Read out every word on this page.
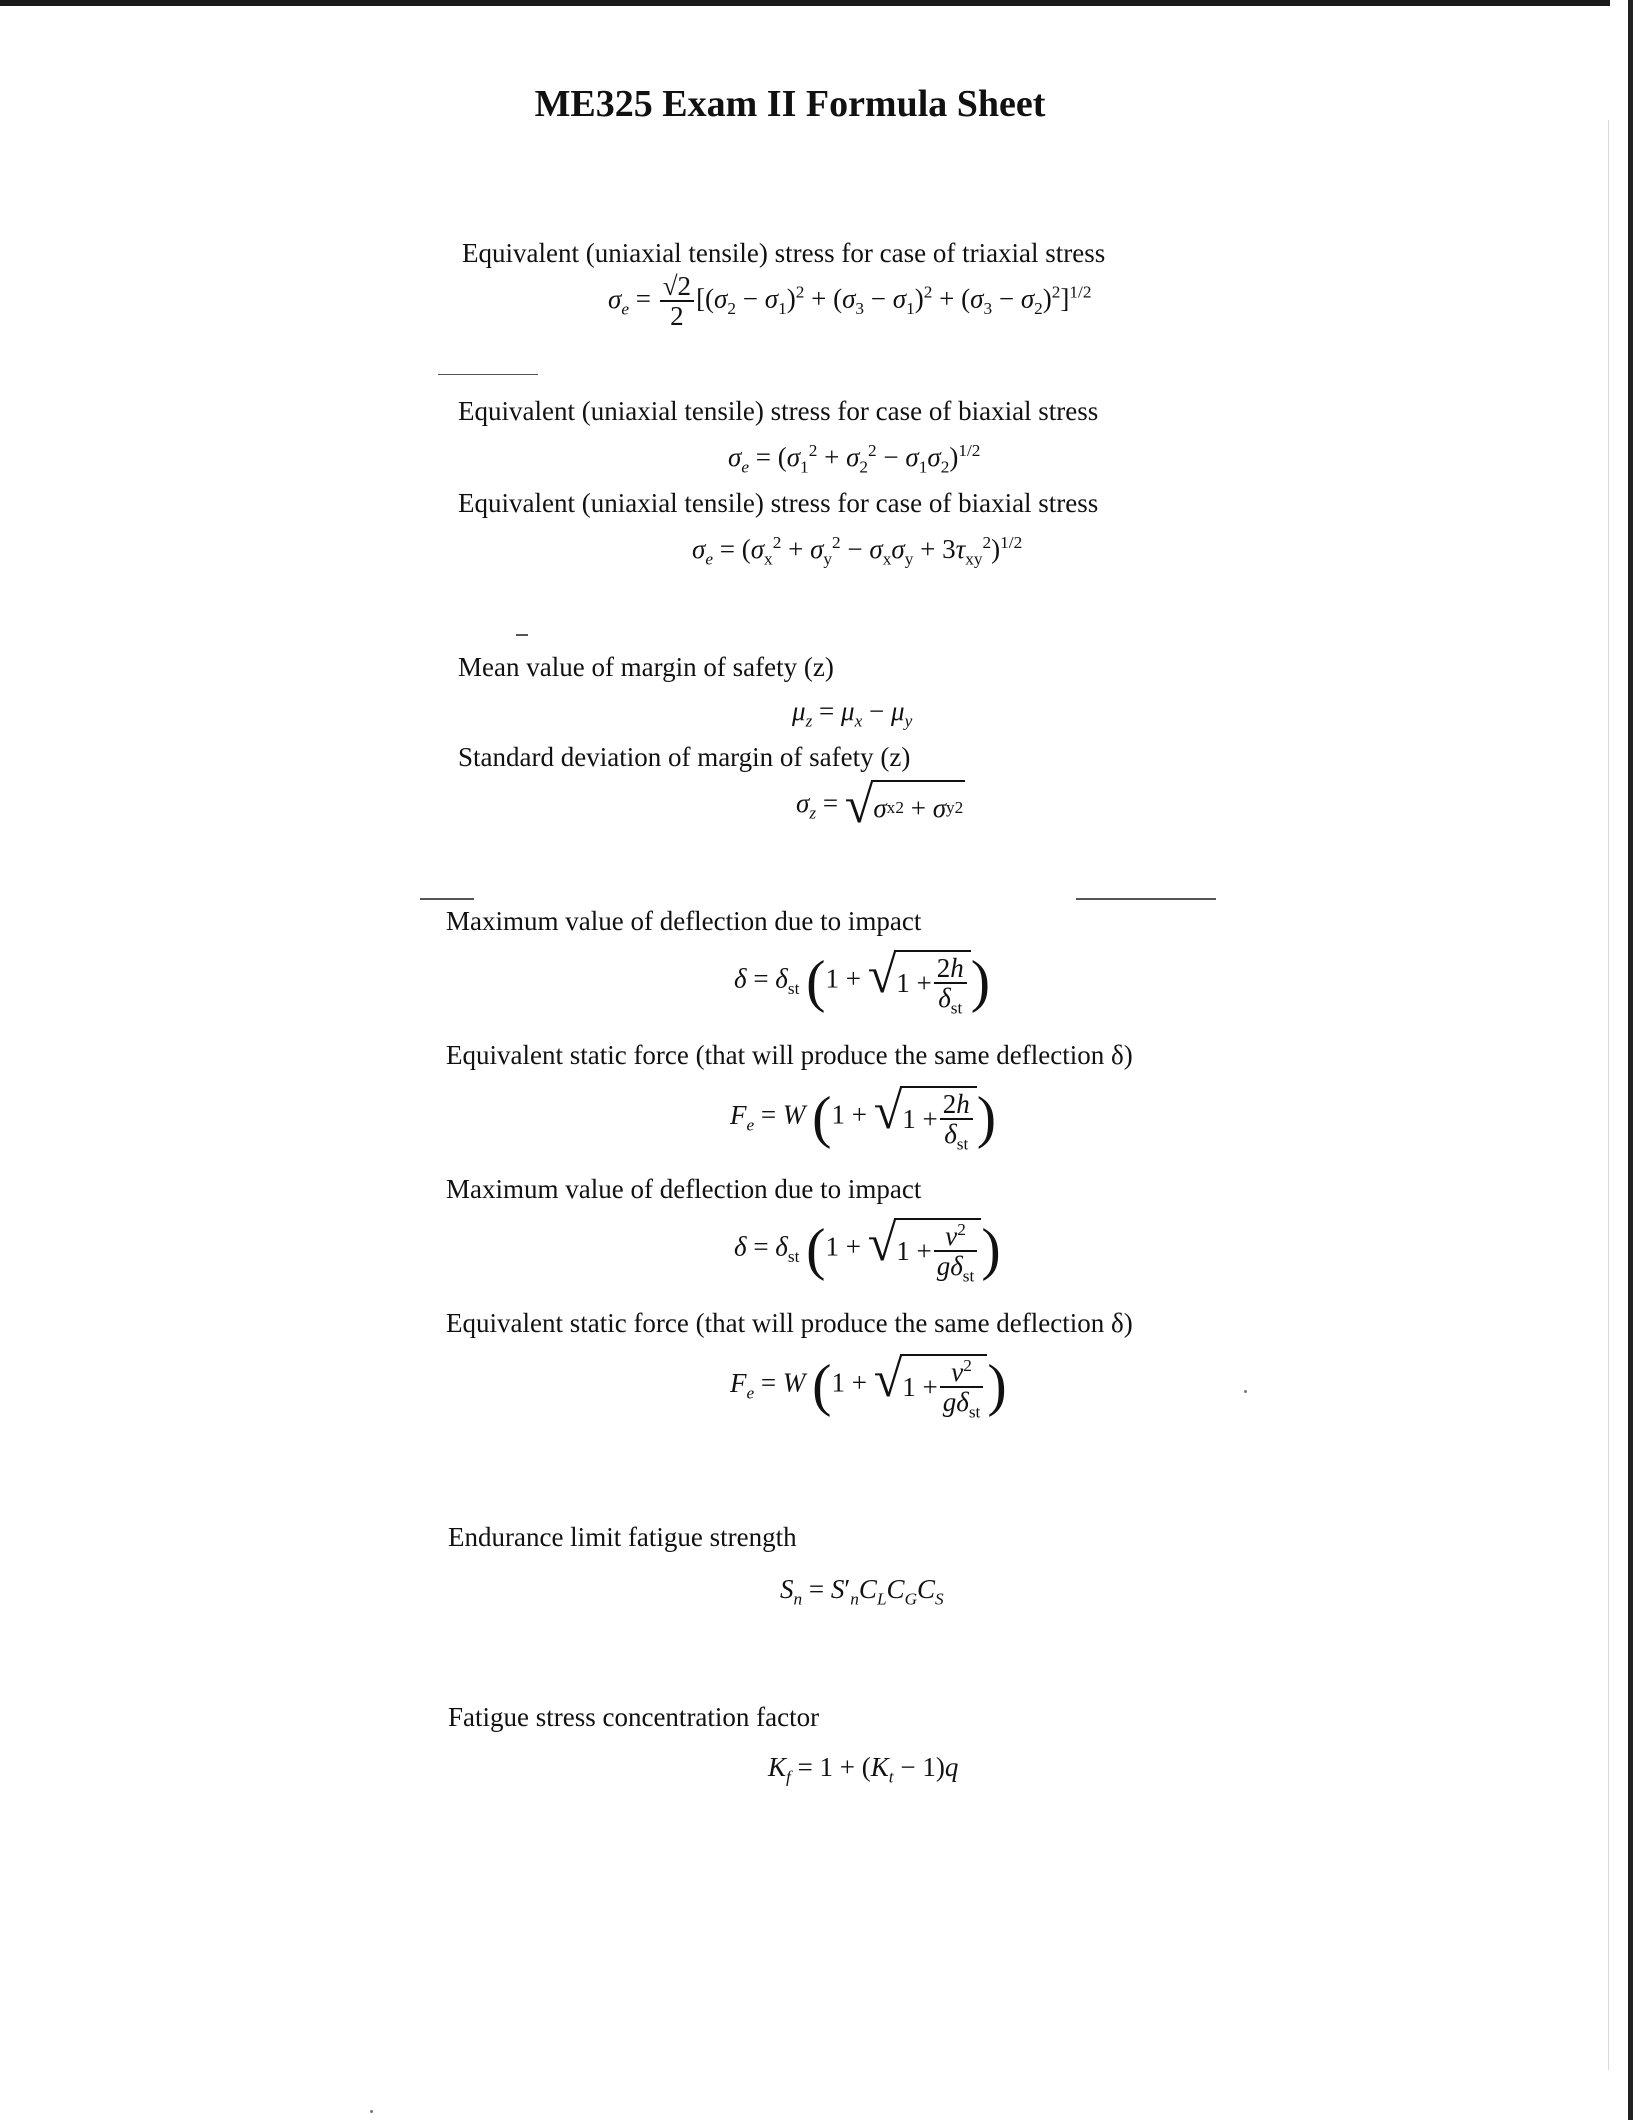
ME325 Exam II Formula Sheet
Equivalent (uniaxial tensile) stress for case of triaxial stress
$\sigma_e = \frac{√2}{2} [(\sigma_2 - \sigma_1)^2 + (\sigma_3 - \sigma_1)^2 + (\sigma_3 - \sigma_2)^2]^{1/2}$
Equivalent (uniaxial tensile) stress for case of biaxial stress
$\sigma_e = (\sigma_1^2 + \sigma_2^2 - \sigma_1\sigma_2)^{1/2}$
Equivalent (uniaxial tensile) stress for case of biaxial stress
$\sigma_e = (\sigma_x^2 + \sigma_y^2 - \sigma_x\sigma_y + 3\tau_{xy}^2)^{1/2}$
Mean value of margin of safety (z)
$\mu_z = \mu_x - \mu_y$
Standard deviation of margin of safety (z)
$\sigma_z$ = √ σ x 2 + σ y 2
Maximum value of deflection due to impact
$\delta = \delta_{st}$ (1 + √ $1 + \frac{2h}{\delta_{st}}$ )
Equivalent static force (that will produce the same deflection δ)
$F_e = W$ (1 + √ $1 + \frac{2h}{\delta_{st}}$ )
Maximum value of deflection due to impact
$\delta = \delta_{st}$ (1 + √ $1 + \frac{v^2}{g\delta_{st}}$ )
Equivalent static force (that will produce the same deflection δ)
$F_e = W$ (1 + √ $1 + \frac{v^2}{g\delta_{st}}$ )
Endurance limit fatigue strength
$S_n = S'_nC_LC_GC_S$
Fatigue stress concentration factor
$K_f = 1 + (K_t - 1)q$
